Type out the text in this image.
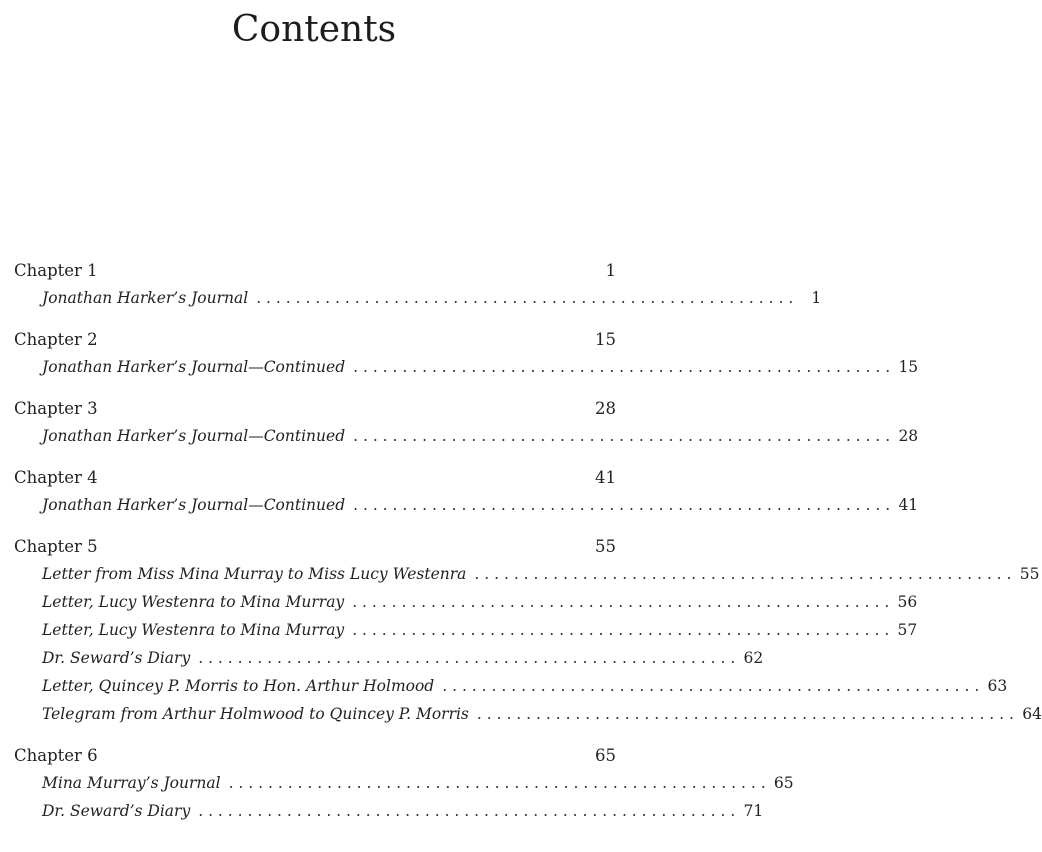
Contents
Chapter 1	1
Jonathan Harker’s Journal . . . . . . . . . . . . . . . . . . . . . . . . . . . . . . . . . . . . . . . . . . . . . . . . . . . . . . .	1
Chapter 2	15
Jonathan Harker’s Journal—Continued . . . . . . . . . . . . . . . . . . . . . . . . . . . . . . . . . . . . . . . . . . . . . . . . . . . . . . . 15
Chapter 3	28
Jonathan Harker’s Journal—Continued . . . . . . . . . . . . . . . . . . . . . . . . . . . . . . . . . . . . . . . . . . . . . . . . . . . . . . . 28
Chapter 4	41
Jonathan Harker’s Journal—Continued . . . . . . . . . . . . . . . . . . . . . . . . . . . . . . . . . . . . . . . . . . . . . . . . . . . . . . . 41
Chapter 5	55
Letter from Miss Mina Murray to Miss Lucy Westenra . . . . . . . . . . . . . . . . . . . . . . . . . . . . . . . . . . . . . . . . . . . . . . . . . . . . . . . 55
Letter, Lucy Westenra to Mina Murray . . . . . . . . . . . . . . . . . . . . . . . . . . . . . . . . . . . . . . . . . . . . . . . . . . . . . . . 56
Letter, Lucy Westenra to Mina Murray . . . . . . . . . . . . . . . . . . . . . . . . . . . . . . . . . . . . . . . . . . . . . . . . . . . . . . . 57
Dr. Seward’s Diary . . . . . . . . . . . . . . . . . . . . . . . . . . . . . . . . . . . . . . . . . . . . . . . . . . . . . . . 62
Letter, Quincey P. Morris to Hon. Arthur Holmood . . . . . . . . . . . . . . . . . . . . . . . . . . . . . . . . . . . . . . . . . . . . . . . . . . . . . . . 63
Telegram from Arthur Holmwood to Quincey P. Morris . . . . . . . . . . . . . . . . . . . . . . . . . . . . . . . . . . . . . . . . . . . . . . . . . . . . . . . 64
Chapter 6	65
Mina Murray’s Journal . . . . . . . . . . . . . . . . . . . . . . . . . . . . . . . . . . . . . . . . . . . . . . . . . . . . . . . 65
Dr. Seward’s Diary . . . . . . . . . . . . . . . . . . . . . . . . . . . . . . . . . . . . . . . . . . . . . . . . . . . . . . . 71
